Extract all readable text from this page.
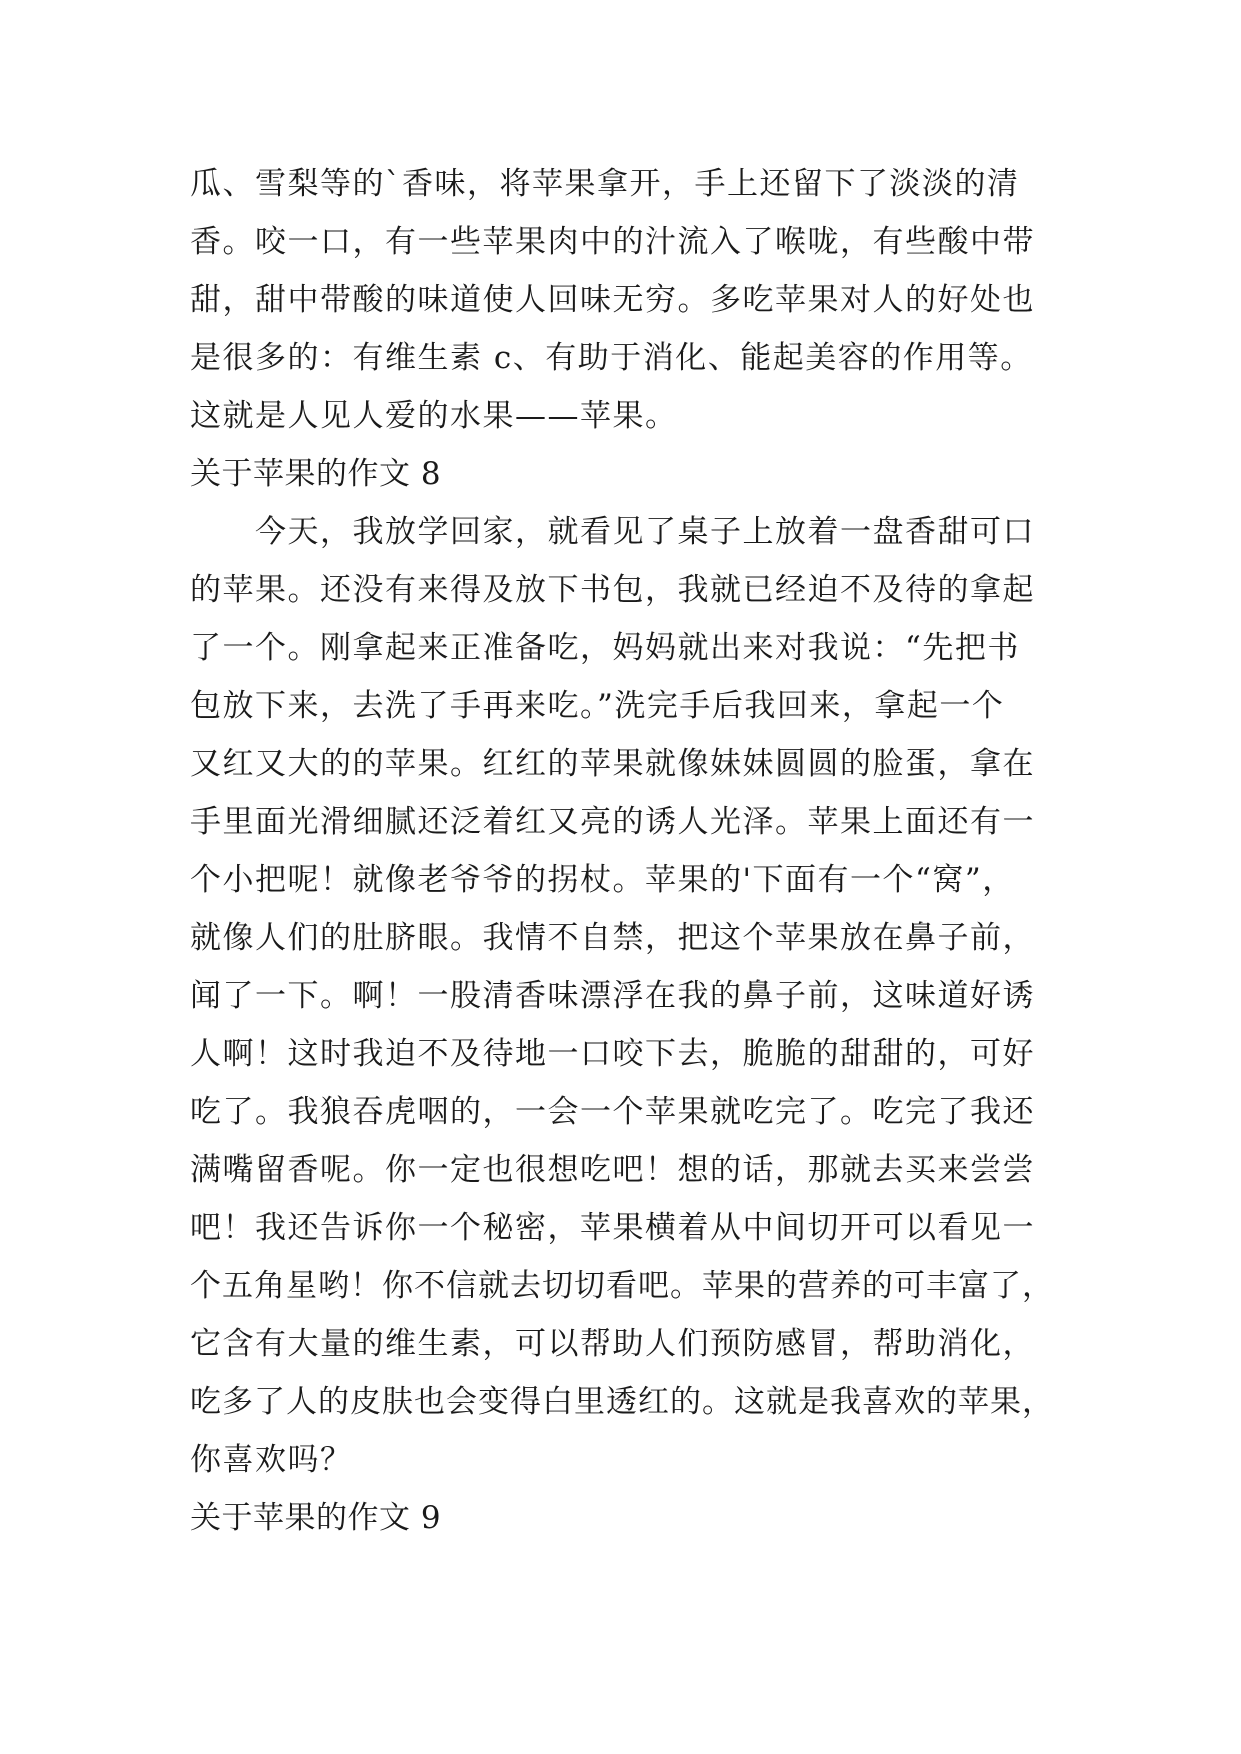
瓜、雪梨等的`香味，将苹果拿开，手上还留下了淡淡的清
香。咬一口，有一些苹果肉中的汁流入了喉咙，有些酸中带
甜，甜中带酸的味道使人回味无穷。多吃苹果对人的好处也
是很多的：有维生素 c、有助于消化、能起美容的作用等。
这就是人见人爱的水果——苹果。
关于苹果的作文 8
　　今天，我放学回家，就看见了桌子上放着一盘香甜可口
的苹果。还没有来得及放下书包，我就已经迫不及待的拿起
了一个。刚拿起来正准备吃，妈妈就出来对我说：“先把书
包放下来，去洗了手再来吃。”洗完手后我回来，拿起一个
又红又大的的苹果。红红的苹果就像妹妹圆圆的脸蛋，拿在
手里面光滑细腻还泛着红又亮的诱人光泽。苹果上面还有一
个小把呢！就像老爷爷的拐杖。苹果的'下面有一个“窝”，
就像人们的肚脐眼。我情不自禁，把这个苹果放在鼻子前，
闻了一下。啊！一股清香味漂浮在我的鼻子前，这味道好诱
人啊！这时我迫不及待地一口咬下去，脆脆的甜甜的，可好
吃了。我狼吞虎咽的，一会一个苹果就吃完了。吃完了我还
满嘴留香呢。你一定也很想吃吧！想的话，那就去买来尝尝
吧！我还告诉你一个秘密，苹果横着从中间切开可以看见一
个五角星哟！你不信就去切切看吧。苹果的营养的可丰富了，
它含有大量的维生素，可以帮助人们预防感冒，帮助消化，
吃多了人的皮肤也会变得白里透红的。这就是我喜欢的苹果，
你喜欢吗？
关于苹果的作文 9
